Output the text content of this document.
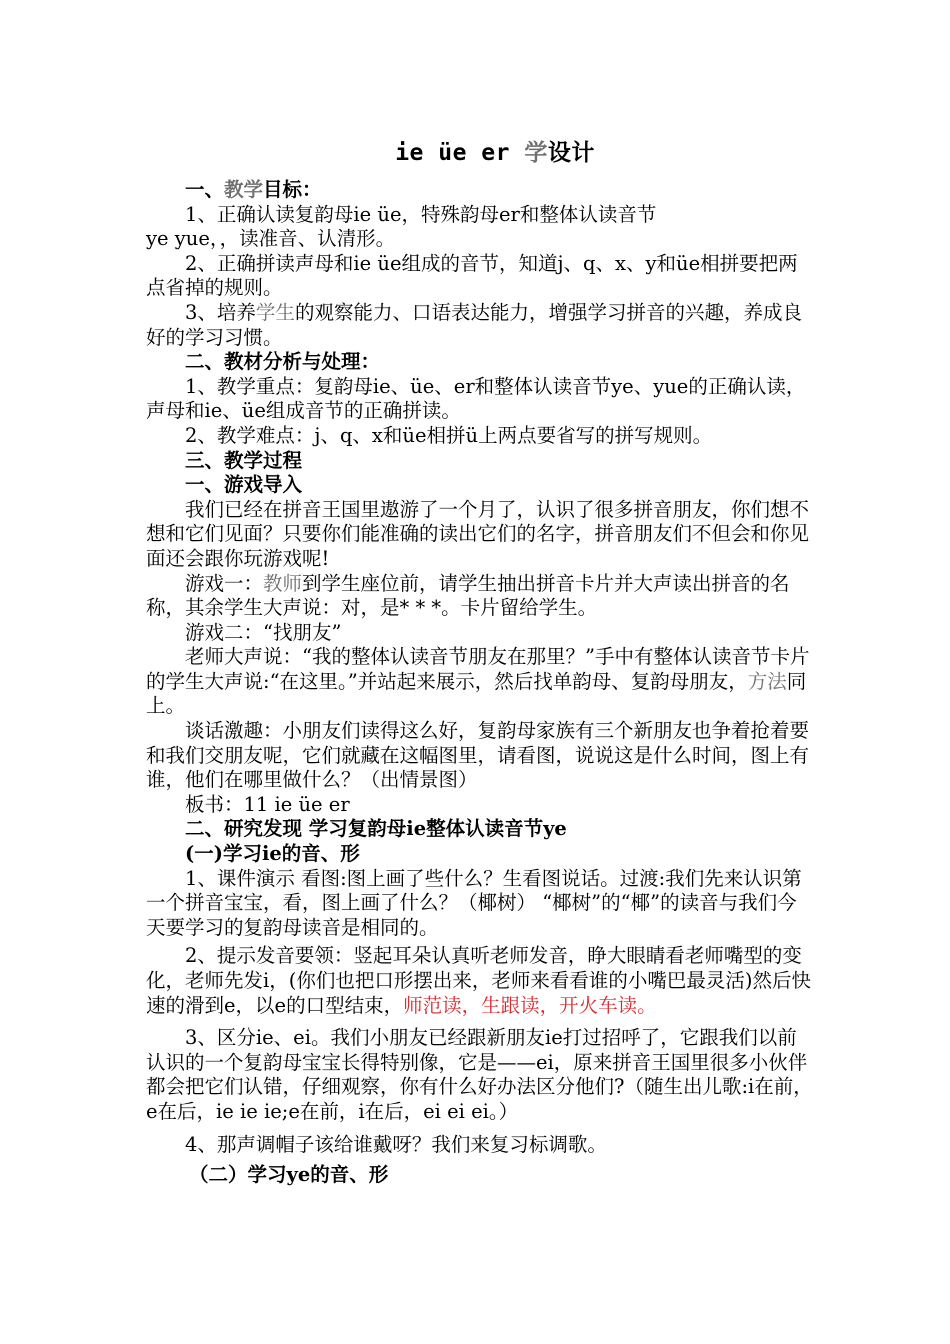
ie üe er 学设计

一、教学目标：

1、正确认读复韵母ie üe，特殊韵母er和整体认读音节

ye yue，，读准音、认清形。

2、正确拼读声母和ie üe组成的音节，知道j、q、x、y和üe相拼要把两点省掉的规则。

3、培养学生的观察能力、口语表达能力，增强学习拼音的兴趣，养成良好的学习习惯。

二、教材分析与处理：

1、教学重点：复韵母ie、üe、er和整体认读音节ye、yue的正确认读，声母和ie、üe组成音节的正确拼读。

2、教学难点：j、q、x和üe相拼ü上两点要省写的拼写规则。

三、教学过程

一、游戏导入

我们已经在拼音王国里遨游了一个月了，认识了很多拼音朋友，你们想不想和它们见面？只要你们能准确的读出它们的名字，拼音朋友们不但会和你见面还会跟你玩游戏呢!

游戏一：教师到学生座位前，请学生抽出拼音卡片并大声读出拼音的名称，其余学生大声说：对，是* * *。卡片留给学生。

游戏二：“找朋友”

老师大声说：“我的整体认读音节朋友在那里？”手中有整体认读音节卡片的学生大声说:“在这里。”并站起来展示，然后找单韵母、复韵母朋友，方法同上。

谈话激趣：小朋友们读得这么好，复韵母家族有三个新朋友也争着抢着要和我们交朋友呢，它们就藏在这幅图里，请看图，说说这是什么时间，图上有谁，他们在哪里做什么？（出情景图）

板书：11 ie üe er

二、研究发现 学习复韵母ie整体认读音节ye

(一)学习ie的音、形

1、课件演示 看图:图上画了些什么？生看图说话。过渡:我们先来认识第一个拼音宝宝，看，图上画了什么？（椰树） “椰树”的“椰”的读音与我们今天要学习的复韵母读音是相同的。

2、提示发音要领：竖起耳朵认真听老师发音，睁大眼睛看老师嘴型的变化，老师先发i，(你们也把口形摆出来，老师来看看谁的小嘴巴最灵活)然后快速的滑到e，以e的口型结束，师范读，生跟读，开火车读。

3、区分ie、ei。我们小朋友已经跟新朋友ie打过招呼了，它跟我们以前认识的一个复韵母宝宝长得特别像，它是——ei，原来拼音王国里很多小伙伴都会把它们认错，仔细观察，你有什么好办法区分他们?（随生出儿歌:i在前，e在后，ie ie ie;e在前，i在后，ei ei ei。）

4、那声调帽子该给谁戴呀？我们来复习标调歌。

（二）学习ye的音、形
